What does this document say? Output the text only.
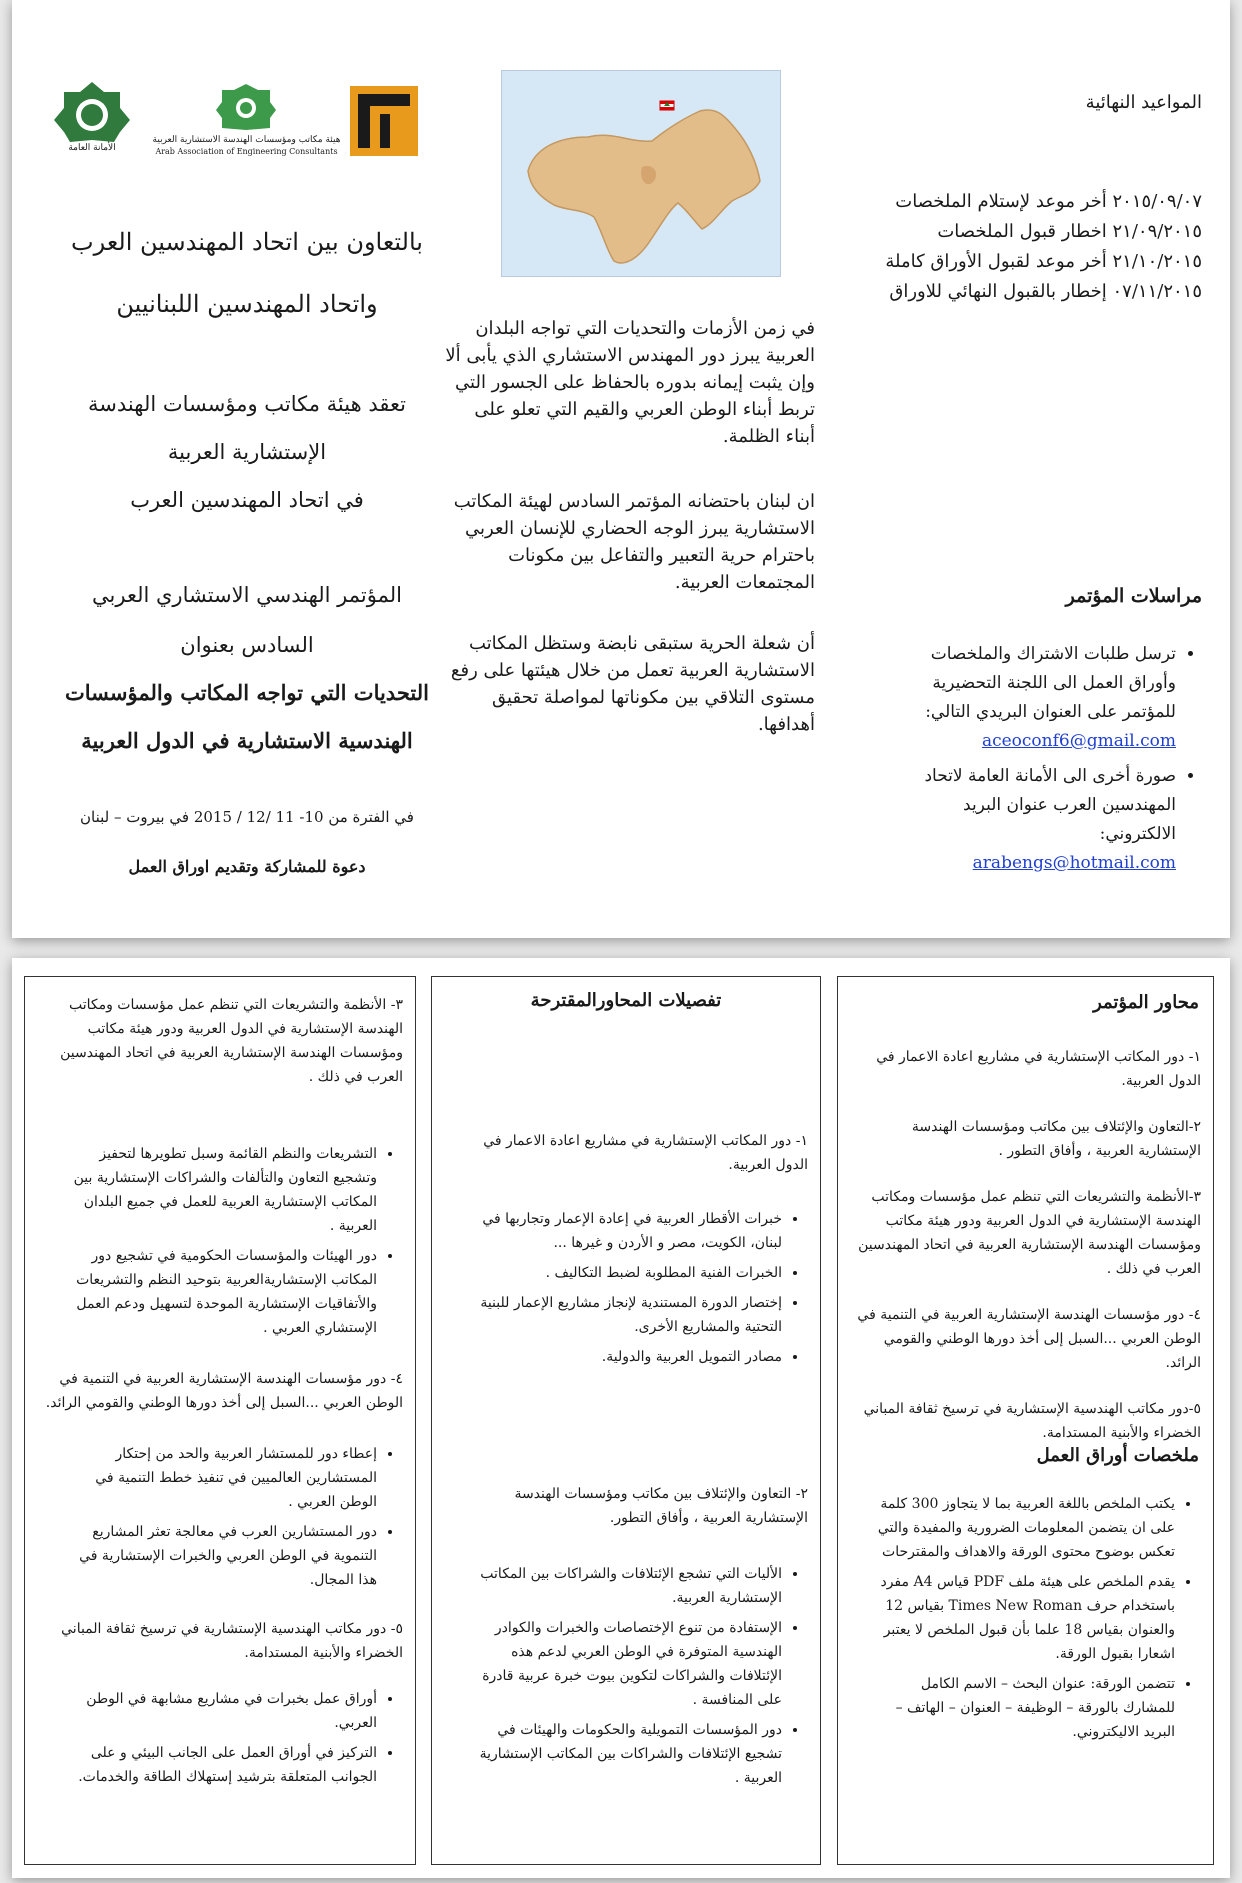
المواعيد النهائية
٢٠١٥/٠٩/٠٧ أخر موعد لإستلام الملخصات
٢١/٠٩/٢٠١٥ اخطار قبول الملخصات
٢١/١٠/٢٠١٥ أخر موعد لقبول الأوراق كاملة
٠٧/١١/٢٠١٥ إخطار بالقبول النهائي للاوراق
مراسلات المؤتمر
• ترسل طلبات الاشتراك والملخصات وأوراق العمل الى اللجنة التحضيرية للمؤتمر على العنوان البريدي التالي:
aceoconf6@gmail.com
• صورة أخرى الى الأمانة العامة لاتحاد المهندسين العرب عنوان البريد الالكتروني:
arabengs@hotmail.com
في زمن الأزمات والتحديات التي تواجه البلدان العربية يبرز دور المهندس الاستشاري الذي يأبى ألا وإن يثبت إيمانه بدوره بالحفاظ على الجسور التي تربط أبناء الوطن العربي والقيم التي تعلو على أبناء الظلمة.
ان لبنان باحتضانه المؤتمر السادس لهيئة المكاتب الاستشارية يبرز الوجه الحضاري للإنسان العربي باحترام حرية التعبير والتفاعل بين مكونات المجتمعات العربية.
أن شعلة الحرية ستبقى نابضة وستظل المكاتب الاستشارية العربية تعمل من خلال هيئتها على رفع مستوى التلاقي بين مكوناتها لمواصلة تحقيق أهدافها.
الأمانة العامة
هيئة مكاتب ومؤسسات الهندسة الاستشارية العربية
Arab Association of Engineering Consultants
بالتعاون بين اتحاد المهندسين العرب
واتحاد المهندسين اللبنانيين
تعقد هيئة مكاتب ومؤسسات الهندسة
الإستشارية العربية
في اتحاد المهندسين العرب
المؤتمر الهندسي الاستشاري العربي
السادس بعنوان
التحديات التي تواجه المكاتب والمؤسسات
الهندسية الاستشارية في الدول العربية
في الفترة من 10- 11 /12 / 2015 في بيروت – لبنان
دعوة للمشاركة وتقديم اوراق العمل
محاور المؤتمر
١- دور المكاتب الإستشارية في مشاريع اعادة الاعمار في الدول العربية.
٢-التعاون والإئتلاف بين مكاتب ومؤسسات الهندسة الإستشارية العربية ، وأفاق التطور .
٣-الأنظمة والتشريعات التي تنظم عمل مؤسسات ومكاتب الهندسة الإستشارية في الدول العربية ودور هيئة مكاتب ومؤسسات الهندسة الإستشارية العربية في اتحاد المهندسين العرب في ذلك .
٤- دور مؤسسات الهندسة الإستشارية العربية في التنمية في الوطن العربي ...السبل إلى أخذ دورها الوطني والقومي الرائد.
٥-دور مكاتب الهندسية الإستشارية في ترسيخ ثقافة المباني الخضراء والأبنية المستدامة.
ملخصات أوراق العمل
• يكتب الملخص باللغة العربية بما لا يتجاوز 300 كلمة على ان يتضمن المعلومات الضرورية والمفيدة والتي تعكس بوضوح محتوى الورقة والاهداف والمقترحات
• يقدم الملخص على هيئة ملف PDF قياس A4 مفرد باستخدام حرف Times New Roman بقياس 12 والعنوان بقياس 18 علما بأن قبول الملخص لا يعتبر اشعارا بقبول الورقة.
• تتضمن الورقة: عنوان البحث – الاسم الكامل للمشارك بالورقة – الوظيفة – العنوان – الهاتف – البريد الاليكتروني.
تفصيلات المحاورالمقترحة
١- دور المكاتب الإستشارية في مشاريع اعادة الاعمار في الدول العربية.
• خبرات الأقطار العربية في إعادة الإعمار وتجاربها في لبنان، الكويت، مصر و الأردن و غيرها ...
• الخبرات الفنية المطلوبة لضبط التكاليف .
• إختصار الدورة المستندية لإنجاز مشاريع الإعمار للبنية التحتية والمشاريع الأخرى.
• مصادر التمويل العربية والدولية.
٢- التعاون والإئتلاف بين مكاتب ومؤسسات الهندسة الإستشارية العربية ، وأفاق التطور.
• الأليات التي تشجع الإئتلافات والشراكات بين المكاتب الإستشارية العربية.
• الإستفادة من تنوع الإختصاصات والخبرات والكوادر الهندسية المتوفرة في الوطن العربي لدعم هذه الإئتلافات والشراكات لتكوين بيوت خبرة عربية قادرة على المنافسة .
• دور المؤسسات التمويلية والحكومات والهيئات في تشجيع الإئتلافات والشراكات بين المكاتب الإستشارية العربية .
٣- الأنظمة والتشريعات التي تنظم عمل مؤسسات ومكاتب الهندسة الإستشارية في الدول العربية ودور هيئة مكاتب ومؤسسات الهندسة الإستشارية العربية في اتحاد المهندسين العرب في ذلك .
• التشريعات والنظم القائمة وسبل تطويرها لتحفيز وتشجيع التعاون والتألفات والشراكات الإستشارية بين المكاتب الإستشارية العربية للعمل في جميع البلدان العربية .
• دور الهيئات والمؤسسات الحكومية في تشجيع دور المكاتب الإستشاريةالعربية بتوحيد النظم والتشريعات والأتفاقيات الإستشارية الموحدة لتسهيل ودعم العمل الإستشاري العربي .
٤- دور مؤسسات الهندسة الإستشارية العربية في التنمية في الوطن العربي ...السبل إلى أخذ دورها الوطني والقومي الرائد.
• إعطاء دور للمستشار العربية والحد من إحتكار المستشارين العالميين في تنفيذ خطط التنمية في الوطن العربي .
• دور المستشارين العرب في معالجة تعثر المشاريع التنموية في الوطن العربي والخبرات الإستشارية في هذا المجال.
٥- دور مكاتب الهندسية الإستشارية في ترسيخ ثقافة المباني الخضراء والأبنية المستدامة.
• أوراق عمل بخبرات في مشاريع مشابهة في الوطن العربي.
• التركيز في أوراق العمل على الجانب البيئي و على الجوانب المتعلقة بترشيد إستهلاك الطاقة والخدمات.
